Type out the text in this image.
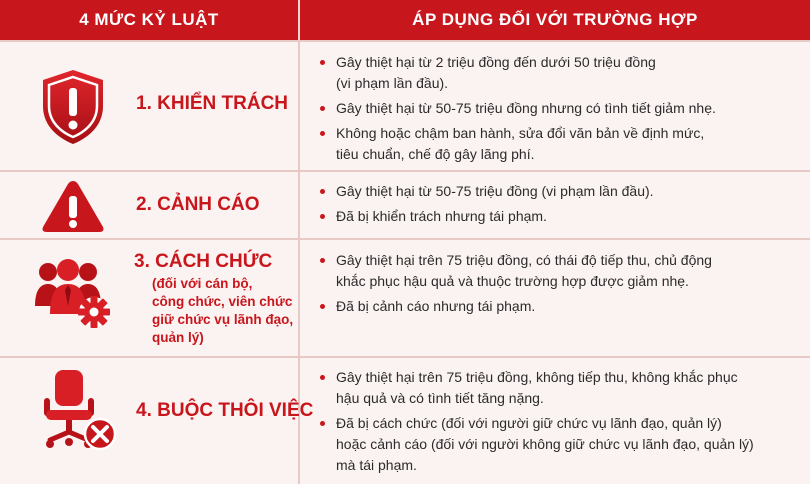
4 MỨC KỶ LUẬT	ÁP DỤNG ĐỐI VỚI TRƯỜNG HỢP
1. KHIỂN TRÁCH
Gây thiệt hại từ 2 triệu đồng đến dưới 50 triệu đồng
(vi phạm lần đầu).
Gây thiệt hại từ 50-75 triệu đồng nhưng có tình tiết giảm nhẹ.
Không hoặc chậm ban hành, sửa đổi văn bản về định mức,
tiêu chuẩn, chế độ gây lãng phí.
2. CẢNH CÁO
Gây thiệt hại từ 50-75 triệu đồng (vi phạm lần đầu).
Đã bị khiển trách nhưng tái phạm.
3. CÁCH CHỨC
(đối với cán bộ,
công chức, viên chức
giữ chức vụ lãnh đạo,
quản lý)
Gây thiệt hại trên 75 triệu đồng, có thái độ tiếp thu, chủ động
khắc phục hậu quả và thuộc trường hợp được giảm nhẹ.
Đã bị cảnh cáo nhưng tái phạm.
4. BUỘC THÔI VIỆC
Gây thiệt hại trên 75 triệu đồng, không tiếp thu, không khắc phục
hậu quả và có tình tiết tăng nặng.
Đã bị cách chức (đối với người giữ chức vụ lãnh đạo, quản lý)
hoặc cảnh cáo (đối với người không giữ chức vụ lãnh đạo, quản lý)
mà tái phạm.
